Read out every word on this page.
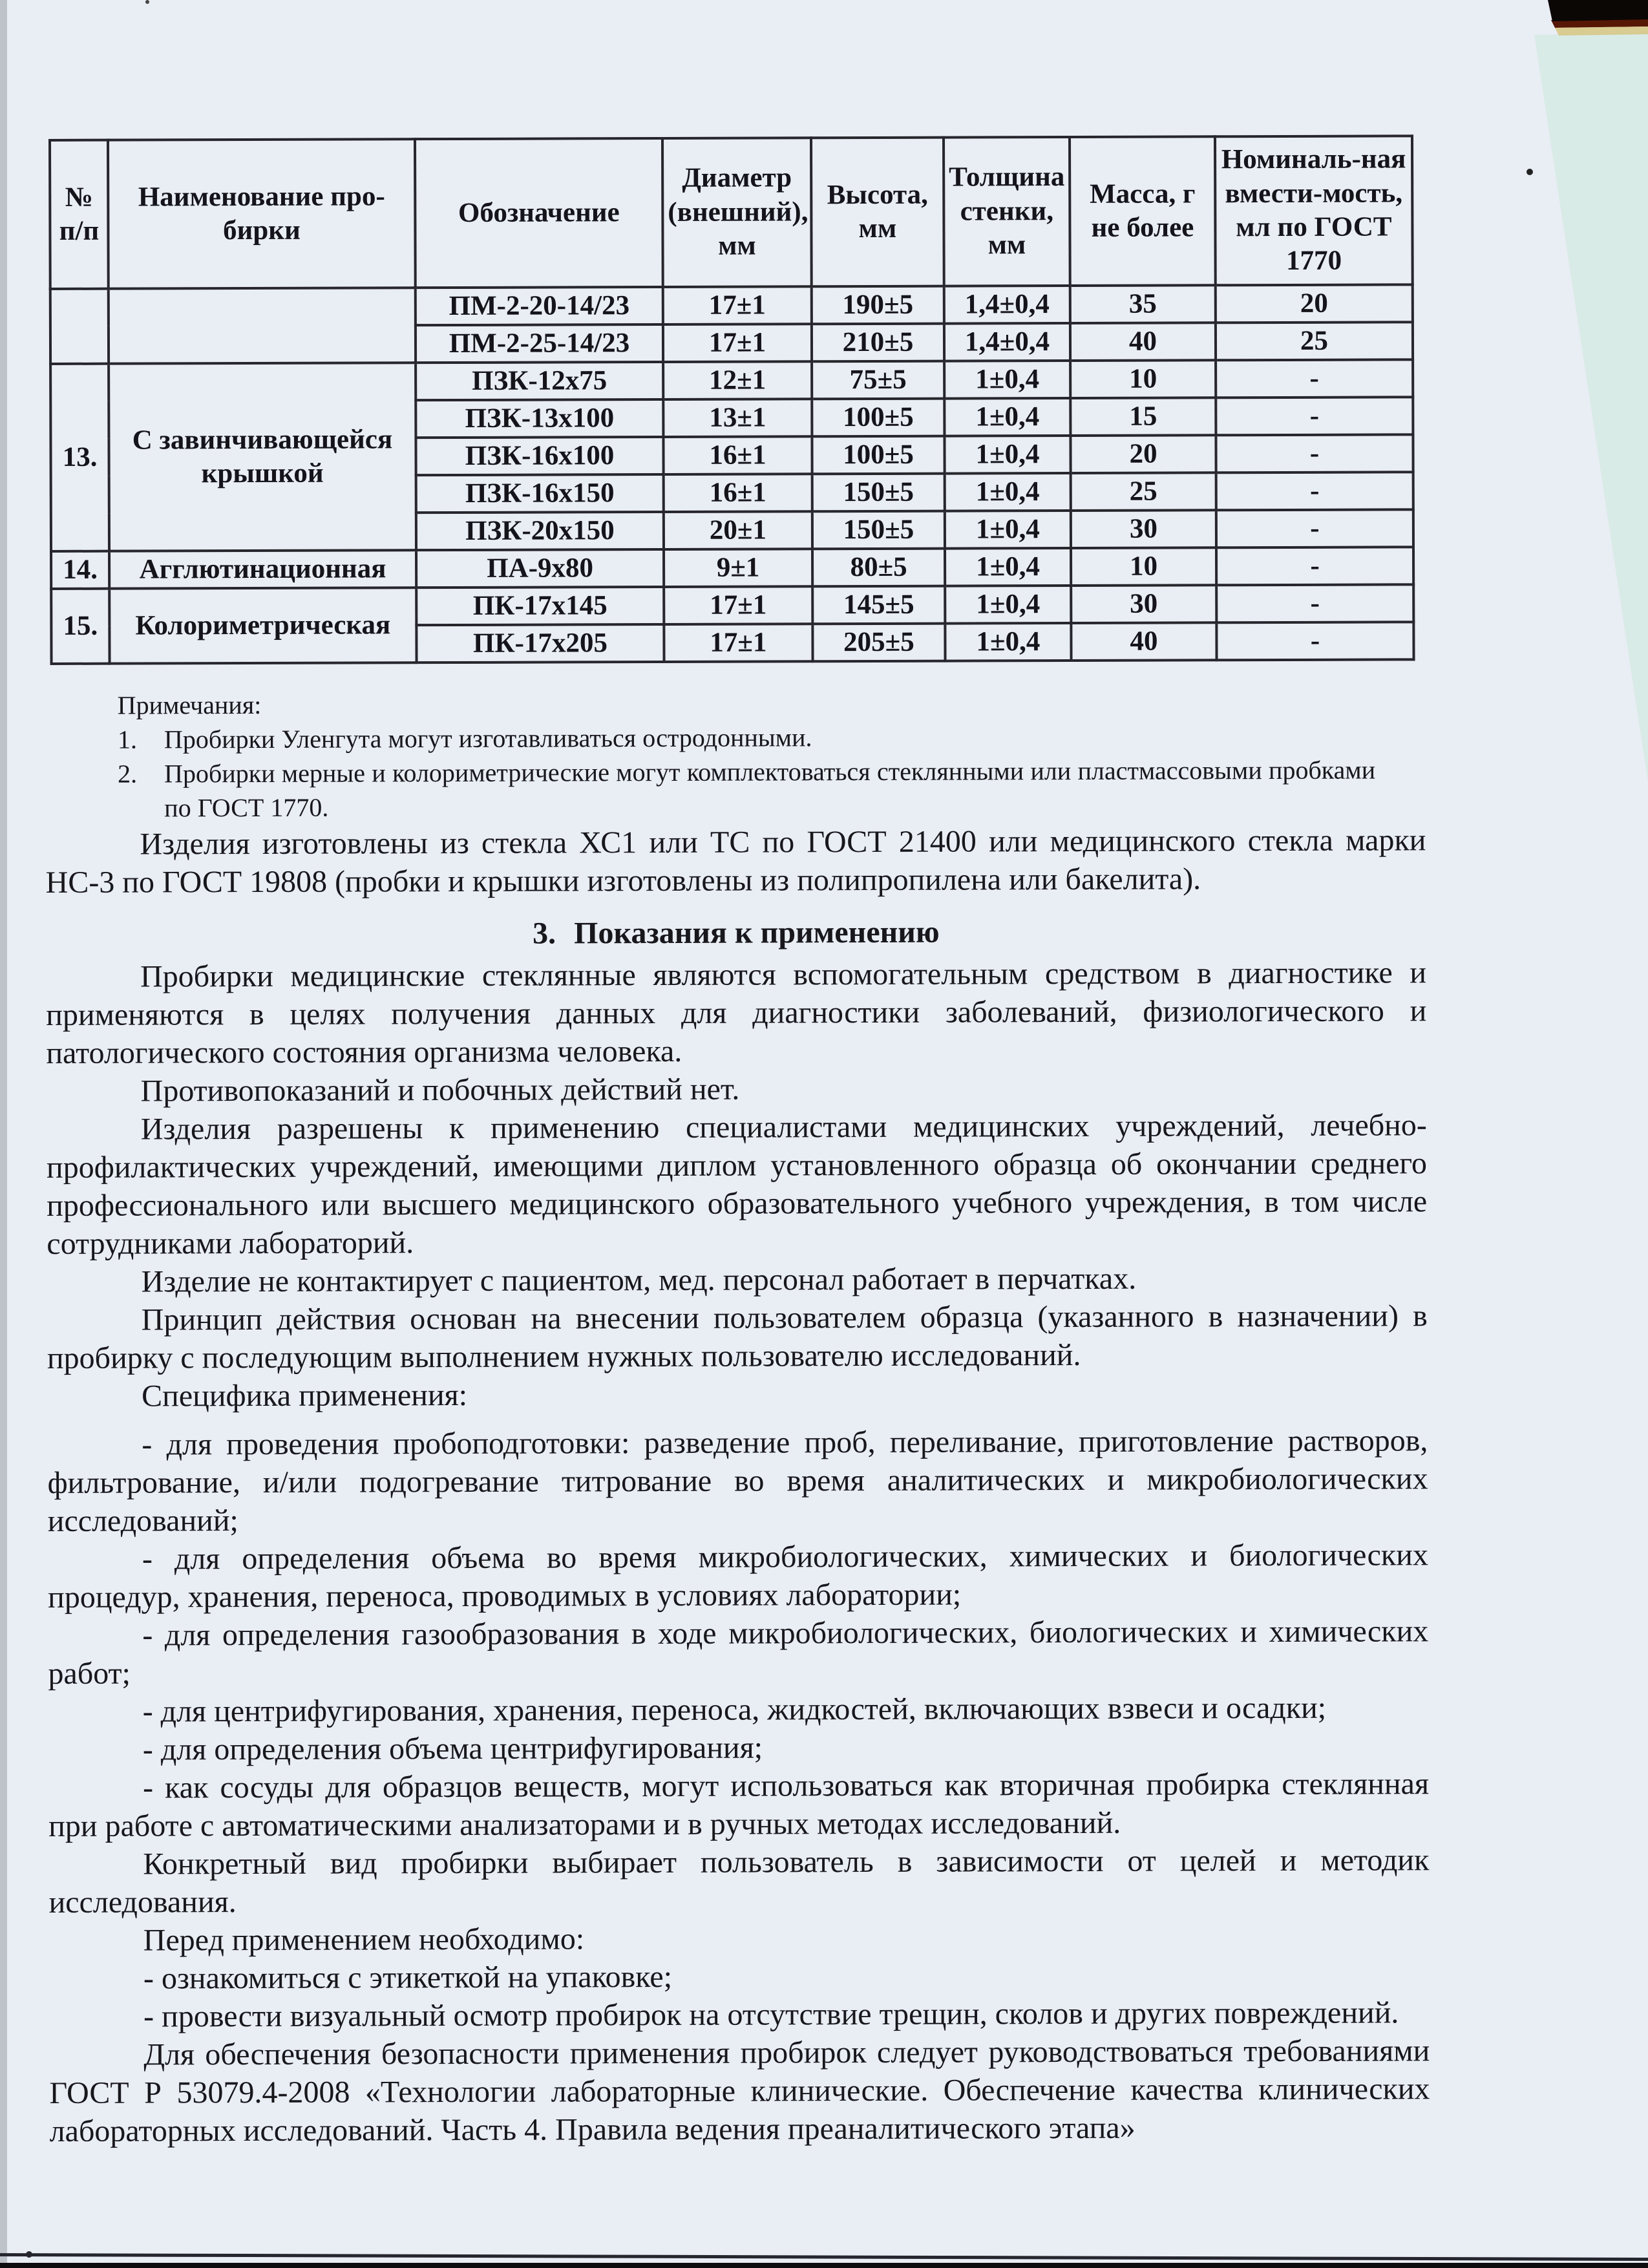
№ п/п	Наименование про-бирки	Обозначение	Диаметр (внешний), мм	Высота, мм	Толщина стенки, мм	Масса, г не более	Номиналь-ная вмести-мость, мл по ГОСТ 1770
		ПМ-2-20-14/23	17±1	190±5	1,4±0,4	35	20
		ПМ-2-25-14/23	17±1	210±5	1,4±0,4	40	25
13.	С завинчивающейся крышкой	ПЗК-12х75	12±1	75±5	1±0,4	10	-
		ПЗК-13х100	13±1	100±5	1±0,4	15	-
		ПЗК-16х100	16±1	100±5	1±0,4	20	-
		ПЗК-16х150	16±1	150±5	1±0,4	25	-
		ПЗК-20х150	20±1	150±5	1±0,4	30	-
14.	Агглютинационная	ПА-9х80	9±1	80±5	1±0,4	10	-
15.	Колориметрическая	ПК-17х145	17±1	145±5	1±0,4	30	-
		ПК-17х205	17±1	205±5	1±0,4	40	-
Примечания:
1.	Пробирки Уленгута могут изготавливаться остродонными.
2.	Пробирки мерные и колориметрические могут комплектоваться стеклянными или пластмассовыми пробками по ГОСТ 1770.

Изделия изготовлены из стекла ХС1 или ТС по ГОСТ 21400 или медицинского стекла марки НС-3 по ГОСТ 19808 (пробки и крышки изготовлены из полипропилена или бакелита).

3. Показания к применению

Пробирки медицинские стеклянные являются вспомогательным средством в диагностике и применяются в целях получения данных для диагностики заболеваний, физиологического и патологического состояния организма человека.

Противопоказаний и побочных действий нет.

Изделия разрешены к применению специалистами медицинских учреждений, лечебно-профилактических учреждений, имеющими диплом установленного образца об окончании среднего профессионального или высшего медицинского образовательного учебного учреждения, в том числе сотрудниками лабораторий.

Изделие не контактирует с пациентом, мед. персонал работает в перчатках.

Принцип действия основан на внесении пользователем образца (указанного в назначении) в пробирку с последующим выполнением нужных пользователю исследований.

Специфика применения:

- для проведения пробоподготовки: разведение проб, переливание, приготовление растворов, фильтрование, и/или подогревание титрование во время аналитических и микробиологических исследований;

- для определения объема во время микробиологических, химических и биологических процедур, хранения, переноса, проводимых в условиях лаборатории;

- для определения газообразования в ходе микробиологических, биологических и химических работ;

- для центрифугирования, хранения, переноса, жидкостей, включающих взвеси и осадки;

- для определения объема центрифугирования;

- как сосуды для образцов веществ, могут использоваться как вторичная пробирка стеклянная при работе с автоматическими анализаторами и в ручных методах исследований.

Конкретный вид пробирки выбирает пользователь в зависимости от целей и методик исследования.

Перед применением необходимо:

- ознакомиться с этикеткой на упаковке;

- провести визуальный осмотр пробирок на отсутствие трещин, сколов и других повреждений.

Для обеспечения безопасности применения пробирок следует руководствоваться требованиями ГОСТ Р 53079.4-2008 «Технологии лабораторные клинические. Обеспечение качества клинических лабораторных исследований. Часть 4. Правила ведения преаналитического этапа»
